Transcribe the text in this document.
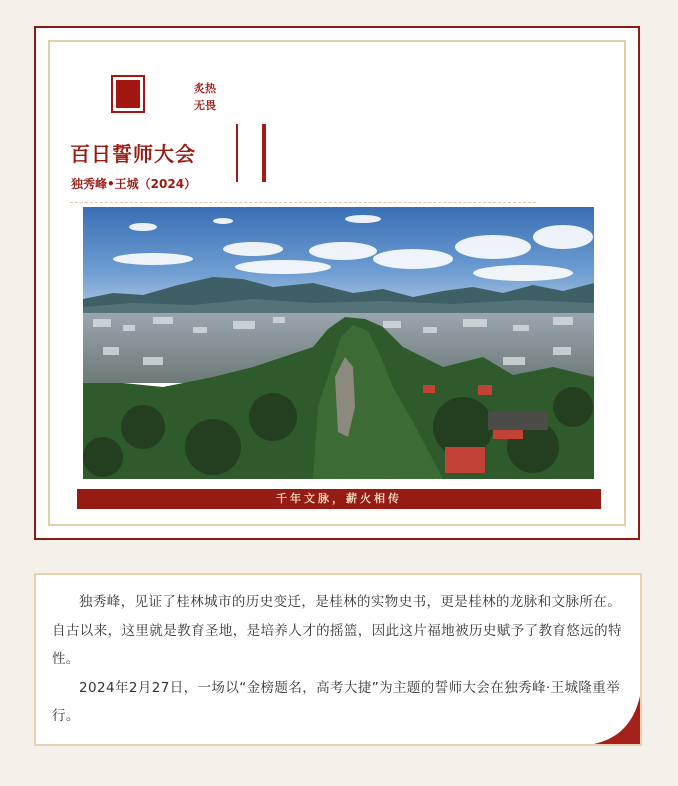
炙热
无畏
百日誓师大会
独秀峰•王城（2024）
千年文脉，薪火相传

独秀峰，见证了桂林城市的历史变迁，是桂林的实物史书，更是桂林的龙脉和文脉所在。自古以来，这里就是教育圣地，是培养人才的摇篮，因此这片福地被历史赋予了教育悠远的特性。

2024年2月27日，一场以“金榜题名，高考大捷”为主题的誓师大会在独秀峰·王城隆重举行。
